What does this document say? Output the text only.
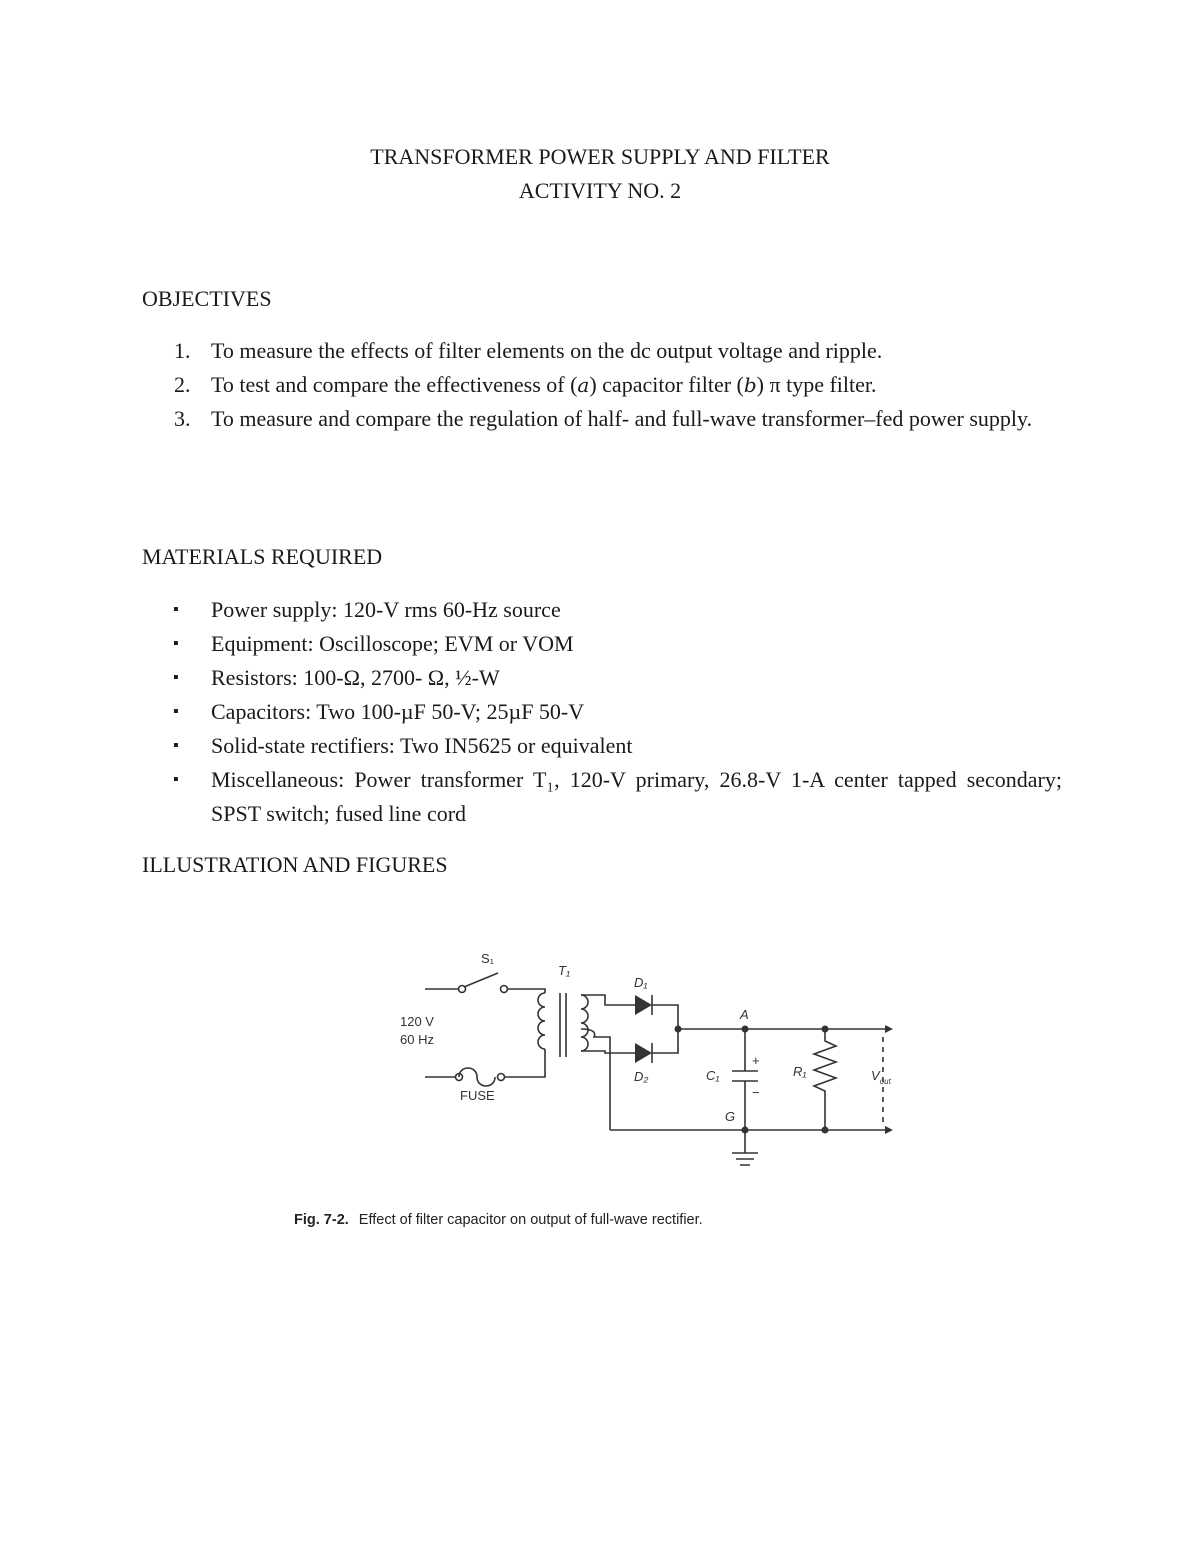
TRANSFORMER POWER SUPPLY AND FILTER
ACTIVITY NO. 2
OBJECTIVES
1. To measure the effects of filter elements on the dc output voltage and ripple.
2. To test and compare the effectiveness of (a) capacitor filter (b) π type filter.
3. To measure and compare the regulation of half- and full-wave transformer–fed power supply.
MATERIALS REQUIRED
▪ Power supply: 120-V rms 60-Hz source
▪ Equipment: Oscilloscope; EVM or VOM
▪ Resistors: 100-Ω, 2700- Ω, ½-W
▪ Capacitors: Two 100-µF 50-V; 25µF 50-V
▪ Solid-state rectifiers: Two IN5625 or equivalent
▪ Miscellaneous: Power transformer T₁, 120-V primary, 26.8-V 1-A center tapped secondary; SPST switch; fused line cord
ILLUSTRATION AND FIGURES
S₁
T₁
120 V
60 Hz
FUSE
D₁
D₂
A
G
C₁
+
−
R₁	$V_{out}$
Fig. 7-2. Effect of filter capacitor on output of full-wave rectifier.
